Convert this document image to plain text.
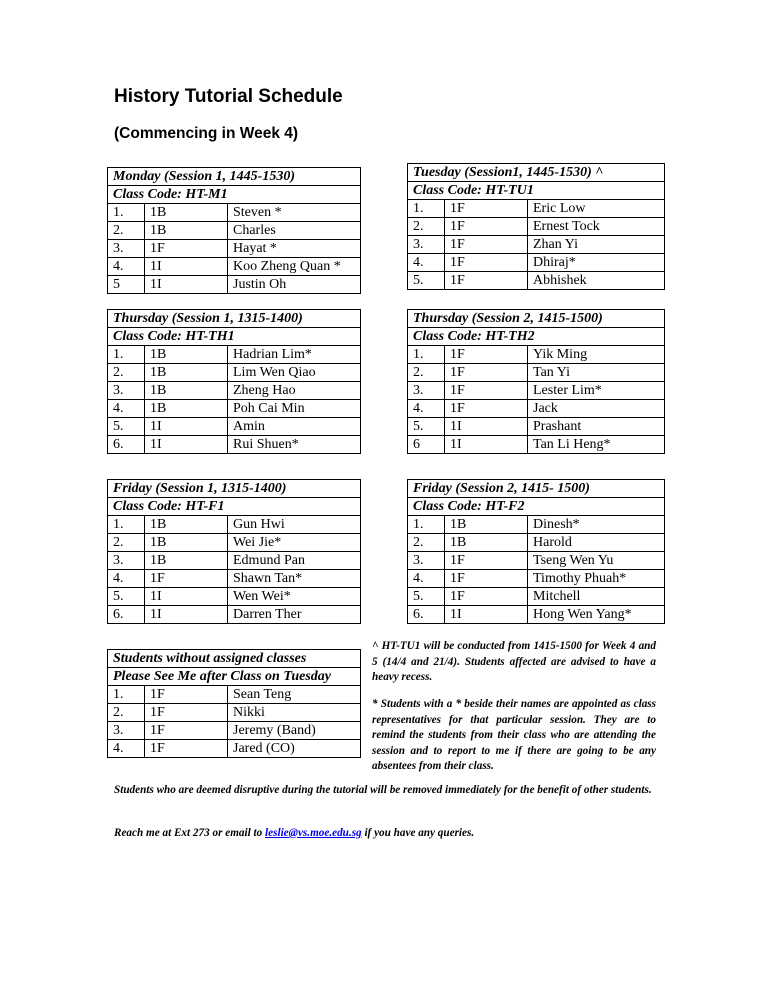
History Tutorial Schedule
(Commencing in Week 4)
Monday (Session 1, 1445-1530)		
Class Code: HT-M1		
1.	1B	Steven *
2.	1B	Charles
3.	1F	Hayat *
4.	1I	Koo Zheng Quan *
5	1I	Justin Oh
Tuesday (Session1, 1445-1530) ^		
Class Code: HT-TU1		
1.	1F	Eric Low
2.	1F	Ernest Tock
3.	1F	Zhan Yi
4.	1F	Dhiraj*
5.	1F	Abhishek
Thursday (Session 1, 1315-1400)		
Class Code: HT-TH1		
1.	1B	Hadrian Lim*
2.	1B	Lim Wen Qiao
3.	1B	Zheng Hao
4.	1B	Poh Cai Min
5.	1I	Amin
6.	1I	Rui Shuen*
Thursday (Session 2, 1415-1500)		
Class Code: HT-TH2		
1.	1F	Yik Ming
2.	1F	Tan Yi
3.	1F	Lester Lim*
4.	1F	Jack
5.	1I	Prashant
6	1I	Tan Li Heng*
Friday (Session 1, 1315-1400)		
Class Code: HT-F1		
1.	1B	Gun Hwi
2.	1B	Wei Jie*
3.	1B	Edmund Pan
4.	1F	Shawn Tan*
5.	1I	Wen Wei*
6.	1I	Darren Ther
Friday (Session 2, 1415- 1500)		
Class Code: HT-F2		
1.	1B	Dinesh*
2.	1B	Harold
3.	1F	Tseng Wen Yu
4.	1F	Timothy Phuah*
5.	1F	Mitchell
6.	1I	Hong Wen Yang*
Students without assigned classes		
Please See Me after Class on Tuesday		
1.	1F	Sean Teng
2.	1F	Nikki
3.	1F	Jeremy (Band)
4.	1F	Jared (CO)

^ HT-TU1 will be conducted from 1415-1500 for Week 4 and 5 (14/4 and 21/4). Students affected are advised to have a heavy recess.

* Students with a * beside their names are appointed as class representatives for that particular session. They are to remind the students from their class who are attending the session and to report to me if there are going to be any absentees from their class.

Students who are deemed disruptive during the tutorial will be removed immediately for the benefit of other students.

Reach me at Ext 273 or email to leslie@vs.moe.edu.sg if you have any queries.
